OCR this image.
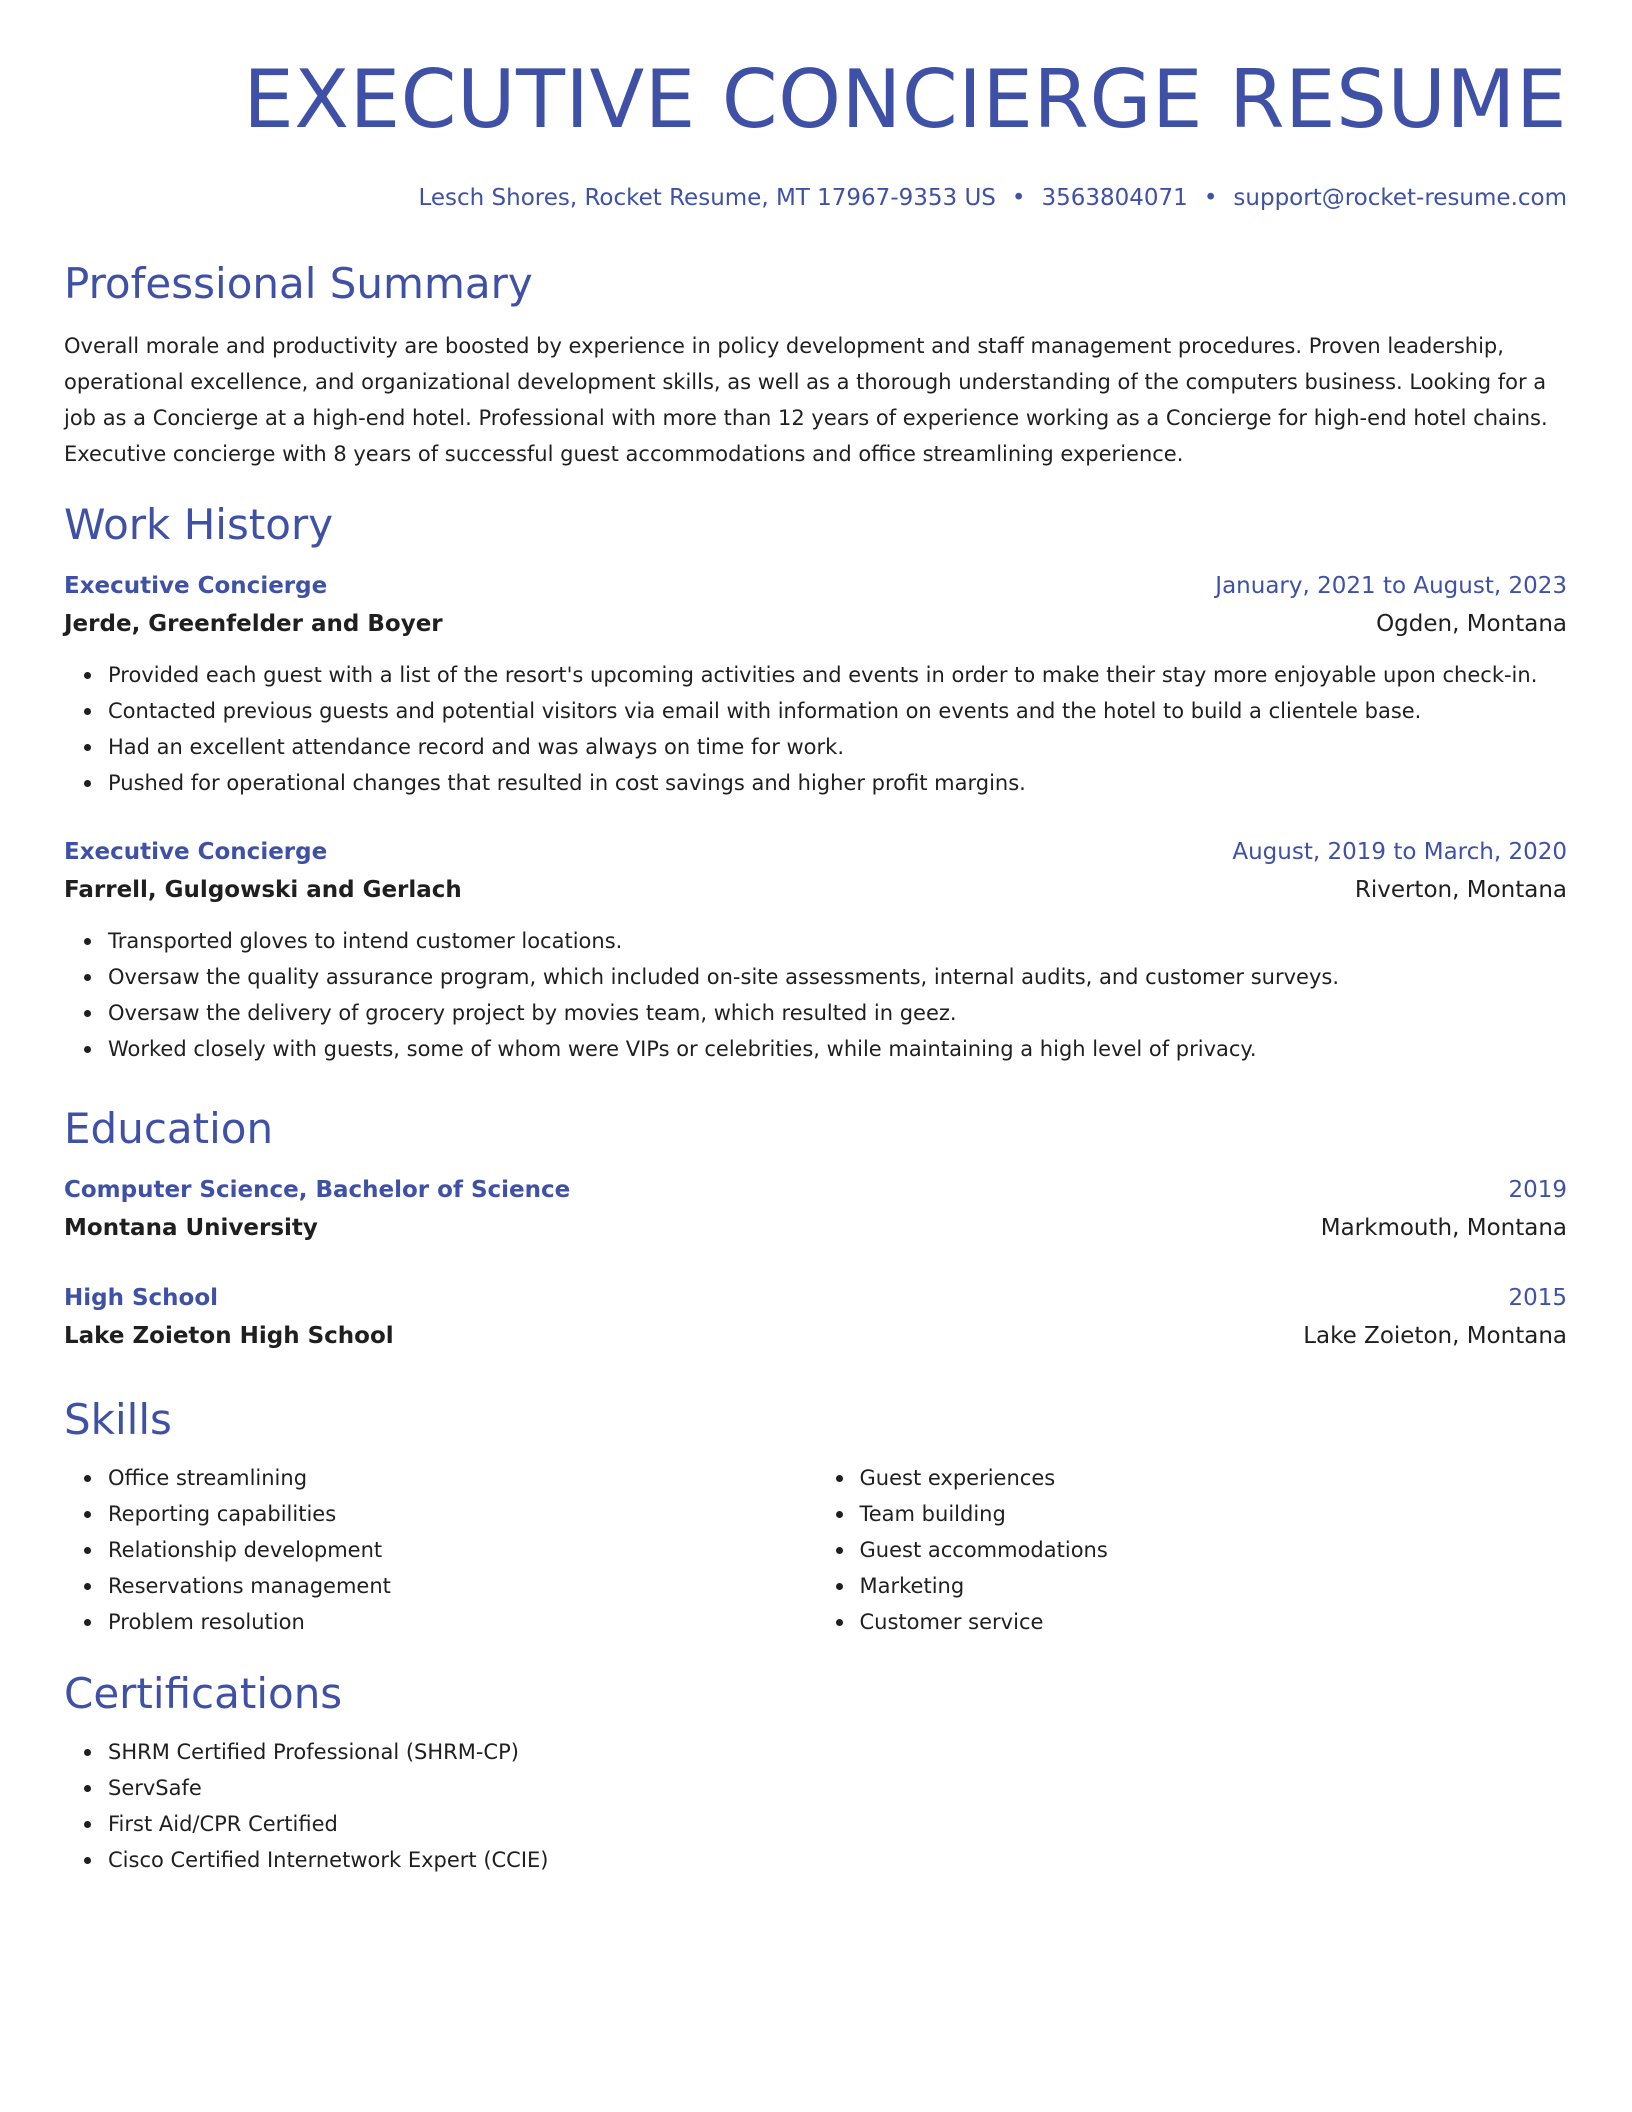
EXECUTIVE CONCIERGE RESUME
Lesch Shores, Rocket Resume, MT 17967-9353 US • 3563804071 • support@rocket-resume.com
Professional Summary

Overall morale and productivity are boosted by experience in policy development and staff management procedures. Proven leadership, operational excellence, and organizational development skills, as well as a thorough understanding of the computers business. Looking for a job as a Concierge at a high-end hotel. Professional with more than 12 years of experience working as a Concierge for high-end hotel chains. Executive concierge with 8 years of successful guest accommodations and office streamlining experience.

Work History
Executive Concierge	January, 2021 to August, 2023
Jerde, Greenfelder and Boyer	Ogden, Montana
Provided each guest with a list of the resort's upcoming activities and events in order to make their stay more enjoyable upon check-in.
Contacted previous guests and potential visitors via email with information on events and the hotel to build a clientele base.
Had an excellent attendance record and was always on time for work.
Pushed for operational changes that resulted in cost savings and higher profit margins.
Executive Concierge	August, 2019 to March, 2020
Farrell, Gulgowski and Gerlach	Riverton, Montana
Transported gloves to intend customer locations.
Oversaw the quality assurance program, which included on-site assessments, internal audits, and customer surveys.
Oversaw the delivery of grocery project by movies team, which resulted in geez.
Worked closely with guests, some of whom were VIPs or celebrities, while maintaining a high level of privacy.
Education
Computer Science, Bachelor of Science	2019
Montana University	Markmouth, Montana
High School	2015
Lake Zoieton High School	Lake Zoieton, Montana
Skills
Office streamlining
Reporting capabilities
Relationship development
Reservations management
Problem resolution
Guest experiences
Team building
Guest accommodations
Marketing
Customer service
Certifications
SHRM Certified Professional (SHRM-CP)
ServSafe
First Aid/CPR Certified
Cisco Certified Internetwork Expert (CCIE)
